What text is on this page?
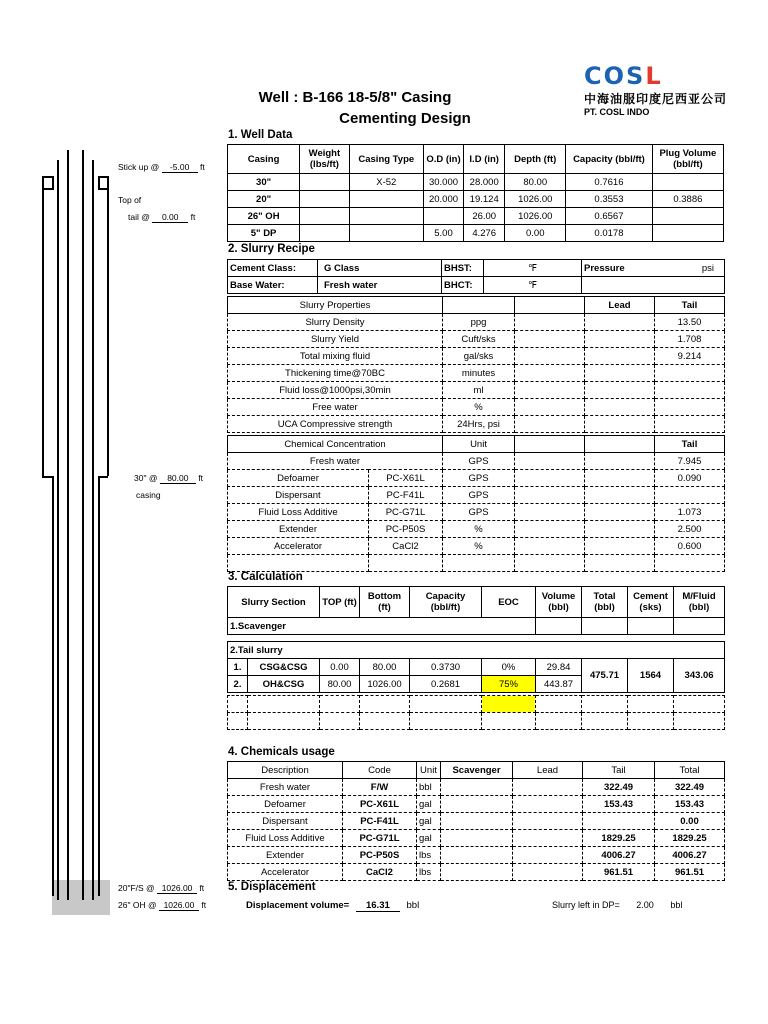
Well : B-166 18-5/8" Casing
Cementing Design
COSL
中海油服印度尼西亚公司
PT. COSL INDO
Stick up @ -5.00 ft
Top of
tail @ 0.00 ft
30" @ 80.00 ft
casing
20"F/S @ 1026.00 ft
26" OH @ 1026.00 ft
1. Well Data
Casing	Weight (lbs/ft)	Casing Type	O.D (in)	I.D (in)	Depth (ft)	Capacity (bbl/ft)	Plug Volume (bbl/ft)
30"		X-52	30.000	28.000	80.00	0.7616	
20"			20.000	19.124	1026.00	0.3553	0.3886
26" OH				26.00	1026.00	0.6567	
5" DP			5.00	4.276	0.00	0.0178	
2. Slurry Recipe
Cement Class:	G Class	BHST:	℉	Pressure psi

Base Water:	Fresh water	BHCT:	℉	
Slurry Properties			Lead	Tail
Slurry Density	ppg			13.50
Slurry Yield	Cuft/sks			1.708
Total mixing fluid	gal/sks			9.214
Thickening time@70BC	minutes			
Fluid loss@1000psi,30min	ml			
Free water	%			
UCA Compressive strength	24Hrs, psi			
Chemical Concentration		Unit			Tail
Fresh water		GPS			7.945
Defoamer	PC-X61L	GPS			0.090
Dispersant	PC-F41L	GPS			
Fluid Loss Additive	PC-G71L	GPS			1.073
Extender	PC-P50S	%			2.500
Accelerator	CaCl2	%			0.600

3. Calculation
Slurry Section	TOP (ft)	Bottom (ft)	Capacity (bbl/ft)	EOC	Volume (bbl)	Total (bbl)	Cement (sks)	M/Fluid (bbl)
1.Scavenger								
2.Tail slurry									
1.	CSG&CSG	0.00	80.00	0.3730	0%	29.84	475.71	1564	343.06
2.	OH&CSG	80.00	1026.00	0.2681	75%	443.87			

4. Chemicals usage
Description	Code	Unit	Scavenger	Lead	Tail	Total
Fresh water	F/W	bbl			322.49	322.49
Defoamer	PC-X61L	gal			153.43	153.43
Dispersant	PC-F41L	gal				0.00
Fluid Loss Additive	PC-G71L	gal			1829.25	1829.25
Extender	PC-P50S	lbs			4006.27	4006.27
Accelerator	CaCl2	lbs			961.51	961.51
5. Displacement
Displacement volume= 16.31 bbl	Slurry left in DP= 2.00 bbl
